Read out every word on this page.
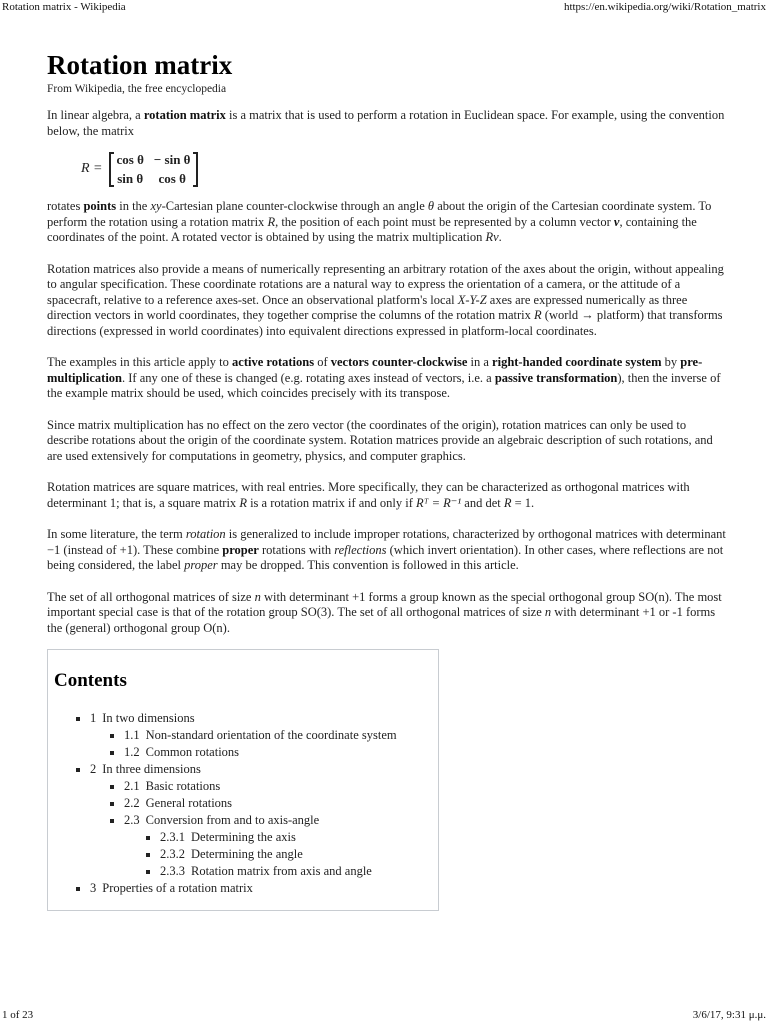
Rotation matrix - Wikipedia	https://en.wikipedia.org/wiki/Rotation_matrix
Rotation matrix
From Wikipedia, the free encyclopedia

In linear algebra, a rotation matrix is a matrix that is used to perform a rotation in Euclidean space. For example, using the convention below, the matrix

R =
cos θ − sin θ
sin θ	cos θ

rotates points in the xy-Cartesian plane counter-clockwise through an angle θ about the origin of the Cartesian coordinate system. To perform the rotation using a rotation matrix R, the position of each point must be represented by a column vector v, containing the coordinates of the point. A rotated vector is obtained by using the matrix multiplication Rv.

Rotation matrices also provide a means of numerically representing an arbitrary rotation of the axes about the origin, without appealing to angular specification. These coordinate rotations are a natural way to express the orientation of a camera, or the attitude of a spacecraft, relative to a reference axes-set. Once an observational platform's local X-Y-Z axes are expressed numerically as three direction vectors in world coordinates, they together comprise the columns of the rotation matrix R (world → platform) that transforms directions (expressed in world coordinates) into equivalent directions expressed in platform-local coordinates.

The examples in this article apply to active rotations of vectors counter-clockwise in a right-handed coordinate system by pre-multiplication. If any one of these is changed (e.g. rotating axes instead of vectors, i.e. a passive transformation), then the inverse of the example matrix should be used, which coincides precisely with its transpose.

Since matrix multiplication has no effect on the zero vector (the coordinates of the origin), rotation matrices can only be used to describe rotations about the origin of the coordinate system. Rotation matrices provide an algebraic description of such rotations, and are used extensively for computations in geometry, physics, and computer graphics.

Rotation matrices are square matrices, with real entries. More specifically, they can be characterized as orthogonal matrices with determinant 1; that is, a square matrix R is a rotation matrix if and only if Rᵀ = R⁻¹ and det R = 1.

In some literature, the term rotation is generalized to include improper rotations, characterized by orthogonal matrices with determinant −1 (instead of +1). These combine proper rotations with reflections (which invert orientation). In other cases, where reflections are not being considered, the label proper may be dropped. This convention is followed in this article.

The set of all orthogonal matrices of size n with determinant +1 forms a group known as the special orthogonal group SO(n). The most important special case is that of the rotation group SO(3). The set of all orthogonal matrices of size n with determinant +1 or -1 forms the (general) orthogonal group O(n).

Contents
1 In two dimensions
1.1 Non-standard orientation of the coordinate system
1.2 Common rotations
2 In three dimensions
2.1 Basic rotations
2.2 General rotations
2.3 Conversion from and to axis-angle
2.3.1 Determining the axis
2.3.2 Determining the angle
2.3.3 Rotation matrix from axis and angle
3 Properties of a rotation matrix
1 of 23	3/6/17, 9:31 μ.μ.
